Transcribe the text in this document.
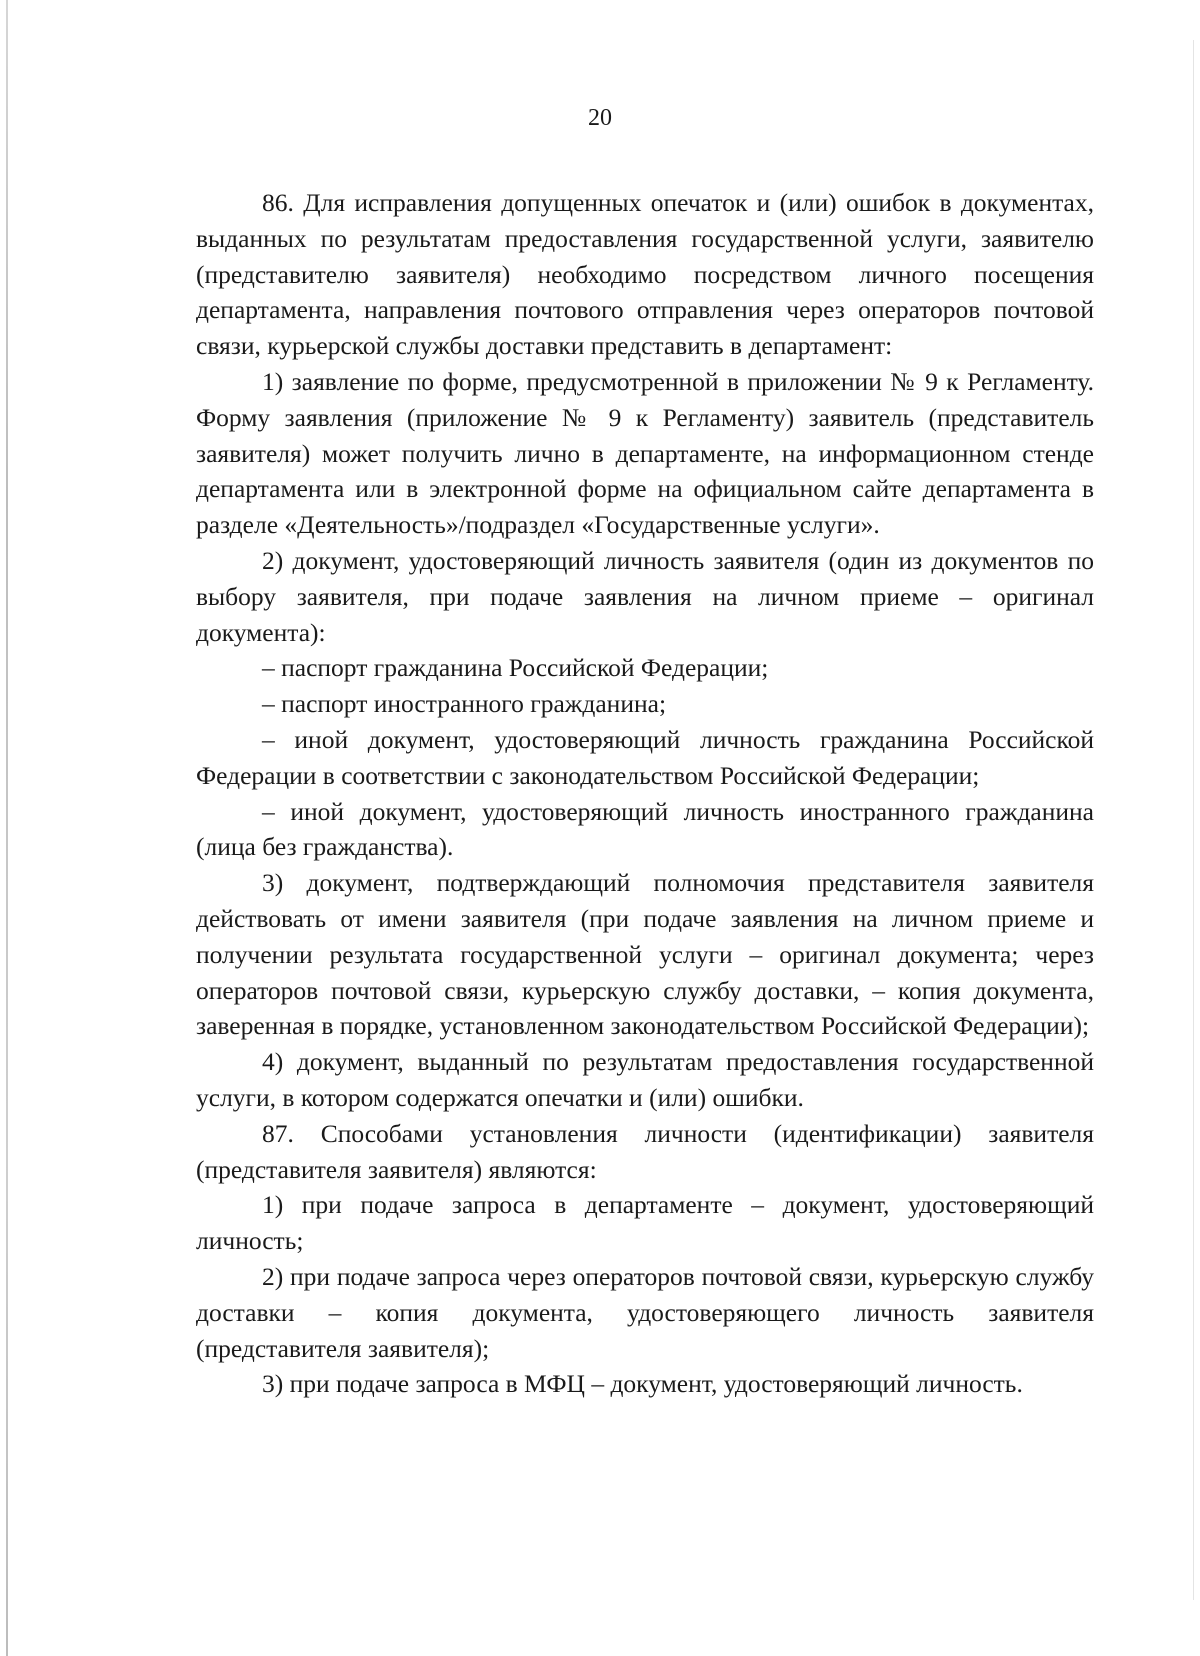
20

86. Для исправления допущенных опечаток и (или) ошибок в документах, выданных по результатам предоставления государственной услуги, заявителю (представителю заявителя) необходимо посредством личного посещения департамента, направления почтового отправления через операторов почтовой связи, курьерской службы доставки представить в департамент:

1) заявление по форме, предусмотренной в приложении № 9 к Регламенту. Форму заявления (приложение № 9 к Регламенту) заявитель (представитель заявителя) может получить лично в департаменте, на информационном стенде департамента или в электронной форме на официальном сайте департамента в разделе «Деятельность»/подраздел «Государственные услуги».

2) документ, удостоверяющий личность заявителя (один из документов по выбору заявителя, при подаче заявления на личном приеме – оригинал документа):

– паспорт гражданина Российской Федерации;

– паспорт иностранного гражданина;

– иной документ, удостоверяющий личность гражданина Российской Федерации в соответствии с законодательством Российской Федерации;

– иной документ, удостоверяющий личность иностранного гражданина (лица без гражданства).

3) документ, подтверждающий полномочия представителя заявителя действовать от имени заявителя (при подаче заявления на личном приеме и получении результата государственной услуги – оригинал документа; через операторов почтовой связи, курьерскую службу доставки, – копия документа, заверенная в порядке, установленном законодательством Российской Федерации);

4) документ, выданный по результатам предоставления государственной услуги, в котором содержатся опечатки и (или) ошибки.

87. Способами установления личности (идентификации) заявителя (представителя заявителя) являются:

1) при подаче запроса в департаменте – документ, удостоверяющий личность;

2) при подаче запроса через операторов почтовой связи, курьерскую службу доставки – копия документа, удостоверяющего личность заявителя (представителя заявителя);

3) при подаче запроса в МФЦ – документ, удостоверяющий личность.
